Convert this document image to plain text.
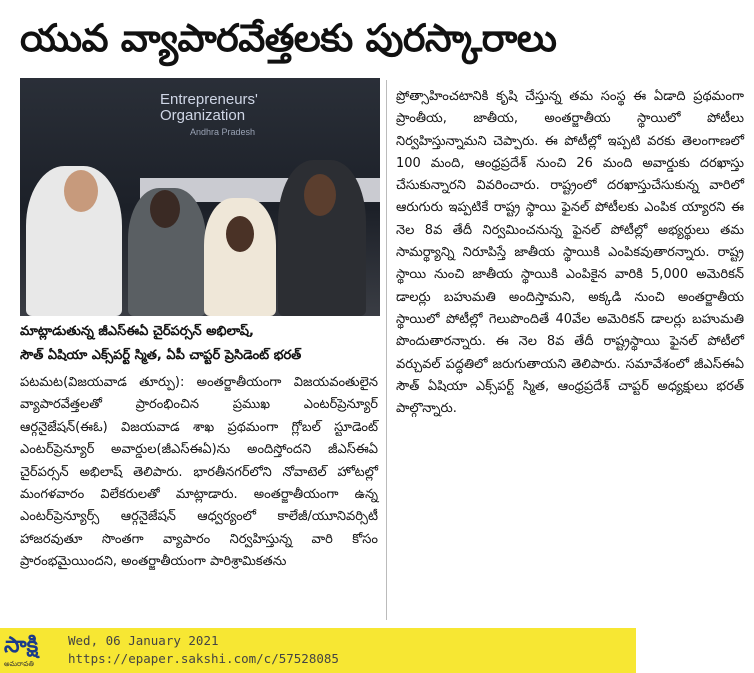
యువ వ్యాపారవేత్తలకు పురస్కారాలు
Entrepreneurs'
Organization
Andhra Pradesh

మాట్లాడుతున్న జీఎస్ఈఏ చైర్‌పర్సన్ అభిలాష్,

సౌత్ ఏషియా ఎక్స్‌పర్ట్ స్మిత, ఏపీ చాప్టర్ ప్రెసిడెంట్ భరత్

పటమట(విజయవాడ తూర్పు): అంతర్జాతీయంగా విజయవంతులైన వ్యాపారవేత్తలతో ప్రారంభించిన ప్రముఖ ఎంటర్‌ప్రెన్యూర్ ఆర్గనైజేషన్(ఈఓ) విజయవాడ శాఖ ప్రథమంగా గ్లోబల్ స్టూడెంట్ ఎంటర్‌ప్రెన్యూర్ అవార్డుల(జీఎస్ఈఏ)ను అందిస్తోందని జీఎస్ఈఏ చైర్‌పర్సన్ అభిలాష్ తెలిపారు. భారతీనగర్‌లోని నోవాటెల్ హోటల్లో మంగళవారం విలేకరులతో మాట్లాడారు. అంతర్జాతీయంగా ఉన్న ఎంటర్‌ప్రెన్యూర్స్ ఆర్గనైజేషన్ ఆధ్వర్యంలో కాలేజీ/యూనివర్సిటీ హాజరవుతూ సొంతగా వ్యాపారం నిర్వహిస్తున్న వారి కోసం ప్రారంభమైయిందని, అంతర్జాతీయంగా పారిశ్రామికతను

ప్రోత్సాహించటానికి కృషి చేస్తున్న తమ సంస్థ ఈ ఏడాది ప్రథమంగా ప్రాంతీయ, జాతీయ, అంతర్జాతీయ స్థాయిలో పోటీలు నిర్వహిస్తున్నామని చెప్పారు. ఈ పోటీల్లో ఇప్పటి వరకు తెలంగాణలో 100 మంది, ఆంధ్రప్రదేశ్ నుంచి 26 మంది అవార్డుకు దరఖాస్తు చేసుకున్నారని వివరించారు. రాష్ట్రంలో దరఖాస్తుచేసుకున్న వారిలో ఆరుగురు ఇప్పటికే రాష్ట్ర స్థాయి ఫైనల్ పోటీలకు ఎంపిక య్యారని ఈ నెల 8వ తేదీ నిర్వమించనున్న ఫైనల్ పోటీల్లో అభ్యర్థులు తమ సామర్థ్యాన్ని నిరూపిస్తే జాతీయ స్థాయికి ఎంపికవుతారన్నారు. రాష్ట్ర స్థాయి నుంచి జాతీయ స్థాయికి ఎంపికైన వారికి 5,000 అమెరికన్ డాలర్లు బహుమతి అందిస్తామని, అక్కడి నుంచి అంతర్జాతీయ స్థాయిలో పోటీల్లో గెలుపొందితే 40వేల అమెరికన్ డాలర్లు బహుమతి పొందుతారన్నారు. ఈ నెల 8వ తేదీ రాష్ట్రస్థాయి ఫైనల్ పోటీలో వర్చువల్ పద్ధతిలో జరుగుతాయని తెలిపారు. సమావేశంలో జీఎస్ఈఏ సౌత్ ఏషియా ఎక్స్‌పర్ట్ స్మిత, ఆంధ్రప్రదేశ్ చాప్టర్ అధ్యక్షులు భరత్ పాల్గొన్నారు.

సాక్షి
అమరావతి
Wed, 06 January 2021
https://epaper.sakshi.com/c/57528085
